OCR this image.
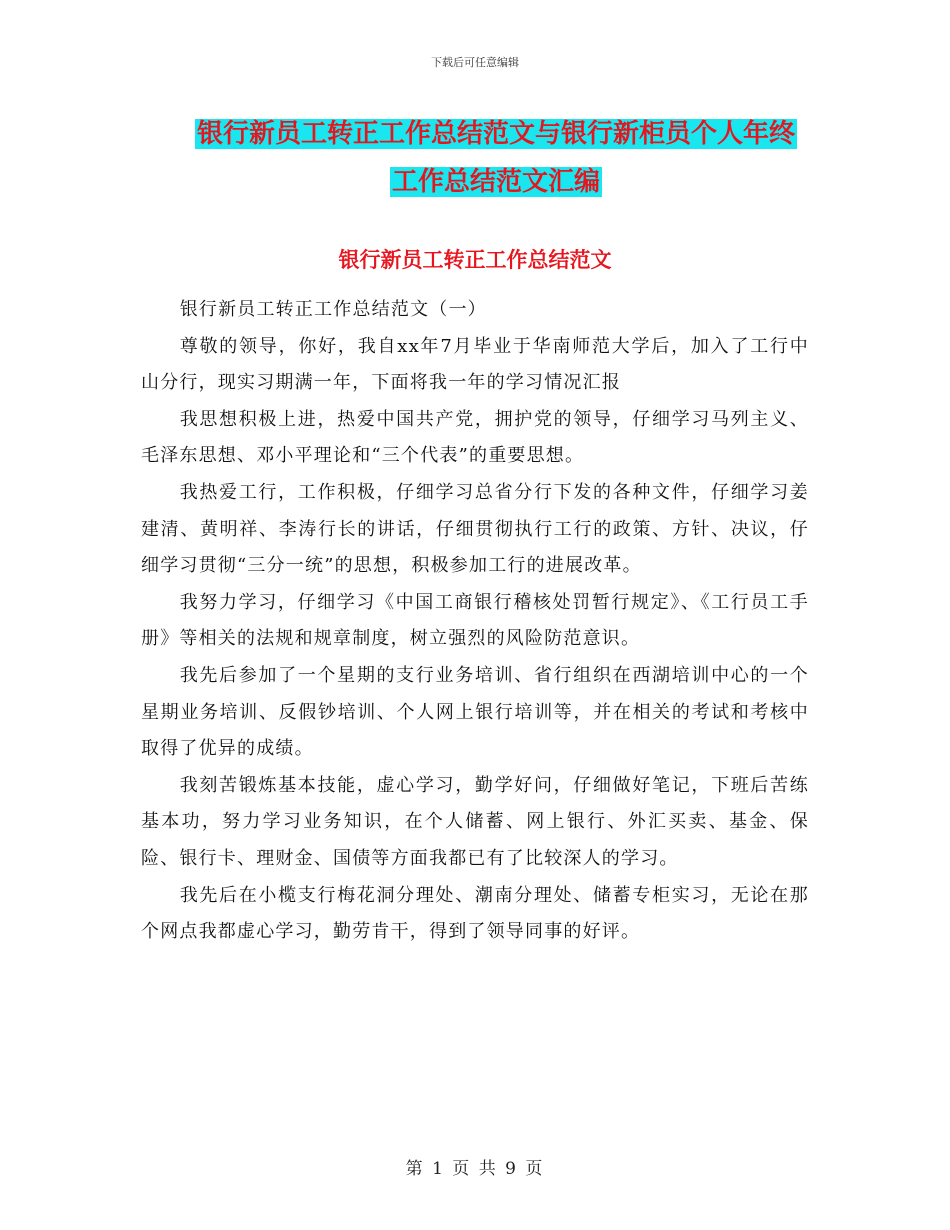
下载后可任意编辑
银行新员工转正工作总结范文与银行新柜员个人年终
工作总结范文汇编
银行新员工转正工作总结范文

银行新员工转正工作总结范文（一）

尊敬的领导，你好，我自xx年7月毕业于华南师范大学后，加入了工行中山分行，现实习期满一年，下面将我一年的学习情况汇报

我思想积极上进，热爱中国共产党，拥护党的领导，仔细学习马列主义、毛泽东思想、邓小平理论和“三个代表”的重要思想。

我热爱工行，工作积极，仔细学习总省分行下发的各种文件，仔细学习姜建清、黄明祥、李涛行长的讲话，仔细贯彻执行工行的政策、方针、决议，仔细学习贯彻“三分一统”的思想，积极参加工行的进展改革。

我努力学习，仔细学习《中国工商银行稽核处罚暂行规定》、《工行员工手册》等相关的法规和规章制度，树立强烈的风险防范意识。

我先后参加了一个星期的支行业务培训、省行组织在西湖培训中心的一个星期业务培训、反假钞培训、个人网上银行培训等，并在相关的考试和考核中取得了优异的成绩。

我刻苦锻炼基本技能，虚心学习，勤学好问，仔细做好笔记，下班后苦练基本功，努力学习业务知识，在个人储蓄、网上银行、外汇买卖、基金、保险、银行卡、理财金、国债等方面我都已有了比较深人的学习。

我先后在小榄支行梅花洞分理处、潮南分理处、储蓄专柜实习，无论在那个网点我都虚心学习，勤劳肯干，得到了领导同事的好评。

第 1 页 共 9 页
